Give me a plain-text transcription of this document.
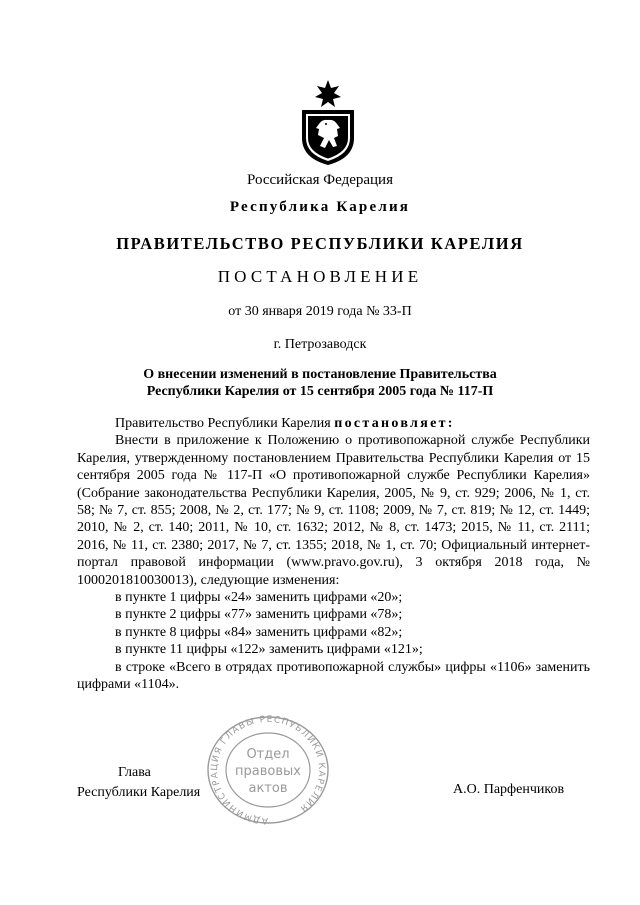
Российская Федерация
Республика Карелия
ПРАВИТЕЛЬСТВО РЕСПУБЛИКИ КАРЕЛИЯ
ПОСТАНОВЛЕНИЕ
от 30 января 2019 года № 33-П
г. Петрозаводск
О внесении изменений в постановление Правительства
Республики Карелия от 15 сентября 2005 года № 117-П

Правительство Республики Карелия постановляет:

Внести в приложение к Положению о противопожарной службе Республики Карелия, утвержденному постановлением Правительства Республики Карелия от 15 сентября 2005 года № 117-П «О противопожарной службе Республики Карелия» (Собрание законодательства Республики Карелия, 2005, № 9, ст. 929; 2006, № 1, ст. 58; № 7, ст. 855; 2008, № 2, ст. 177; № 9, ст. 1108; 2009, № 7, ст. 819; № 12, ст. 1449; 2010, № 2, ст. 140; 2011, № 10, ст. 1632; 2012, № 8, ст. 1473; 2015, № 11, ст. 2111; 2016, № 11, ст. 2380; 2017, № 7, ст. 1355; 2018, № 1, ст. 70; Официальный интернет-портал правовой информации (www.pravo.gov.ru), 3 октября 2018 года, № 1000201810030013), следующие изменения:

в пункте 1 цифры «24» заменить цифрами «20»;

в пункте 2 цифры «77» заменить цифрами «78»;

в пункте 8 цифры «84» заменить цифрами «82»;

в пункте 11 цифры «122» заменить цифрами «121»;

в строке «Всего в отрядах противопожарной службы» цифры «1106» заменить цифрами «1104».

Глава
Республики Карелия
АДМИНИСТРАЦИЯ ГЛАВЫ РЕСПУБЛИКИ КАРЕЛИЯ
Отдел
правовых
актов	А.О. Парфенчиков
